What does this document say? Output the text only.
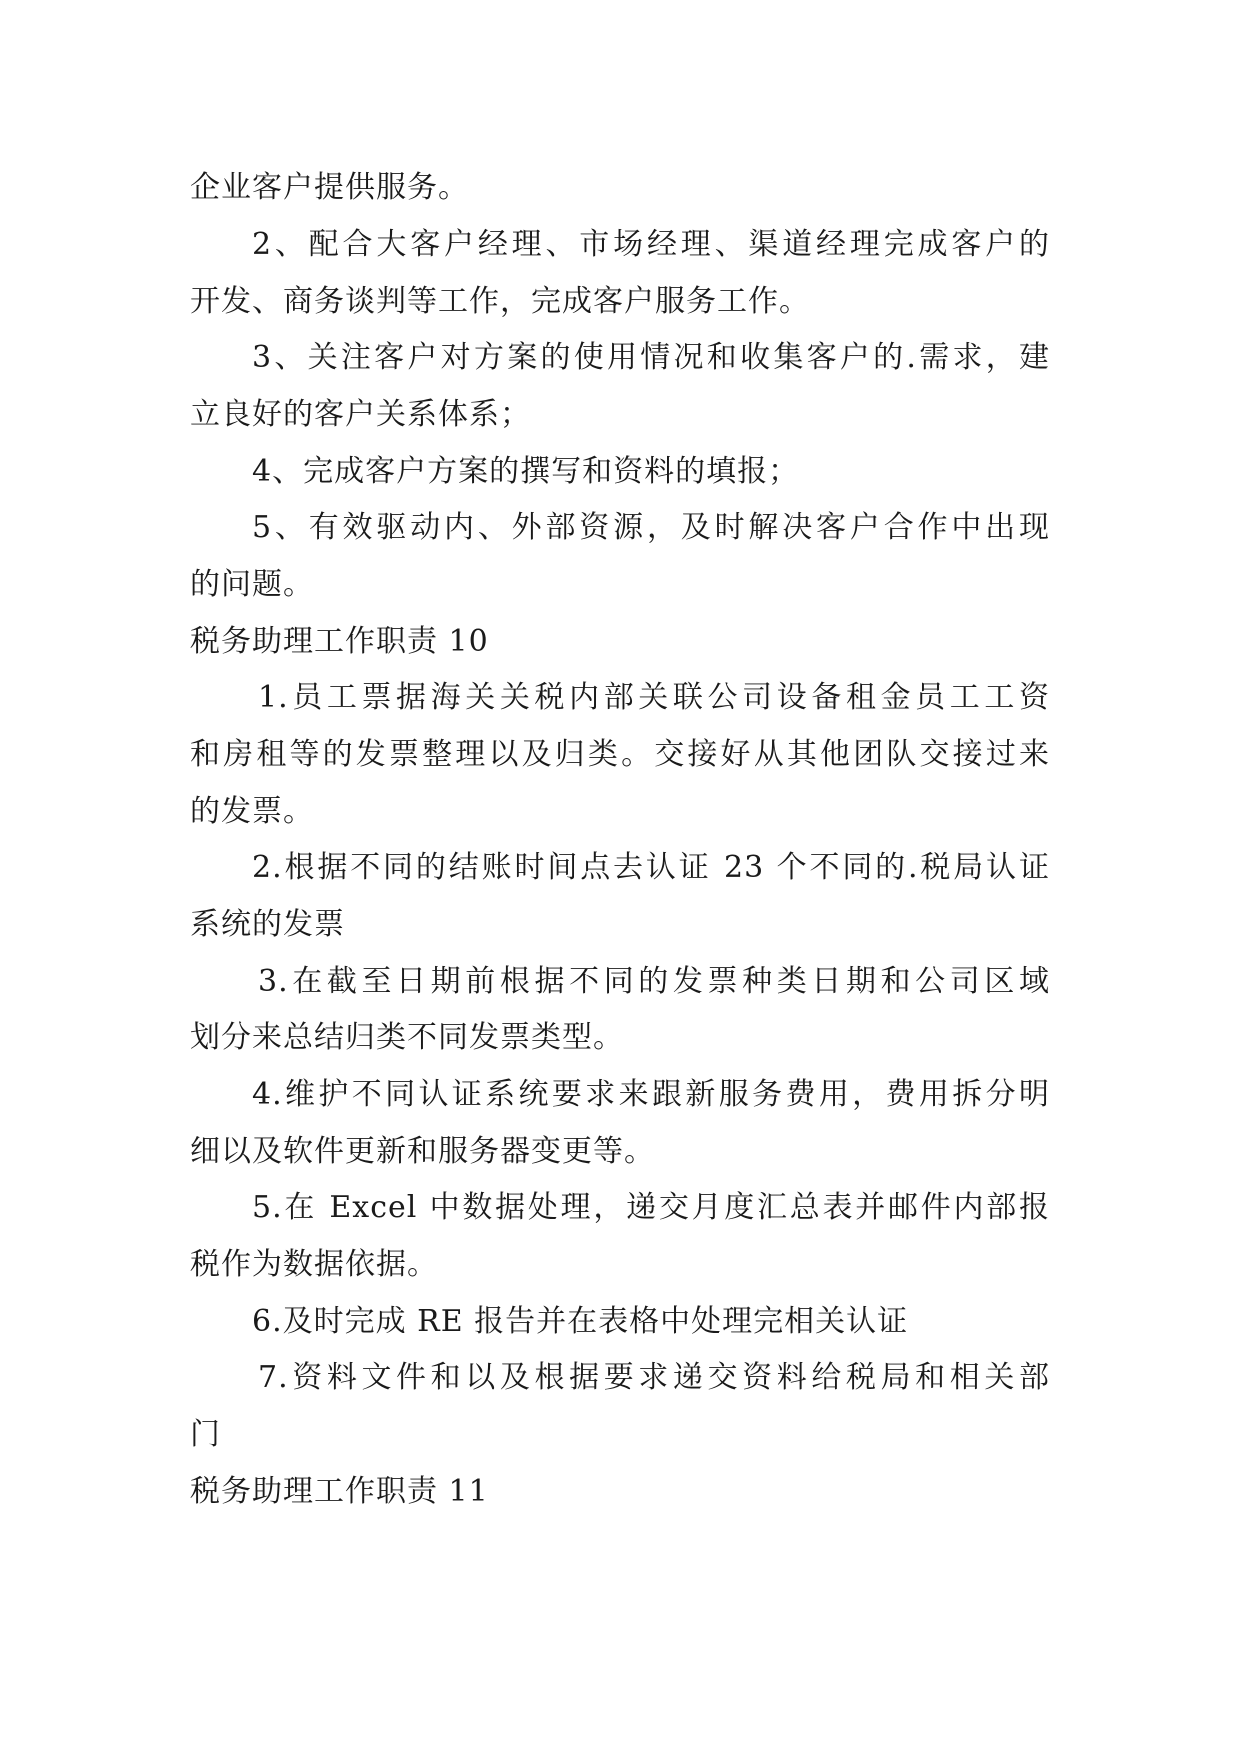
企业客户提供服务。
2、配合大客户经理、市场经理、渠道经理完成客户的
开发、商务谈判等工作，完成客户服务工作。
3、关注客户对方案的使用情况和收集客户的.需求，建
立良好的客户关系体系；
4、完成客户方案的撰写和资料的填报；
5、有效驱动内、外部资源，及时解决客户合作中出现
的问题。
税务助理工作职责 10
1.员工票据海关关税内部关联公司设备租金员工工资
和房租等的发票整理以及归类。交接好从其他团队交接过来
的发票。
2.根据不同的结账时间点去认证 23 个不同的.税局认证
系统的发票
3.在截至日期前根据不同的发票种类日期和公司区域
划分来总结归类不同发票类型。
4.维护不同认证系统要求来跟新服务费用，费用拆分明
细以及软件更新和服务器变更等。
5.在 Excel 中数据处理，递交月度汇总表并邮件内部报
税作为数据依据。
6.及时完成 RE 报告并在表格中处理完相关认证
7.资料文件和以及根据要求递交资料给税局和相关部
门
税务助理工作职责 11
